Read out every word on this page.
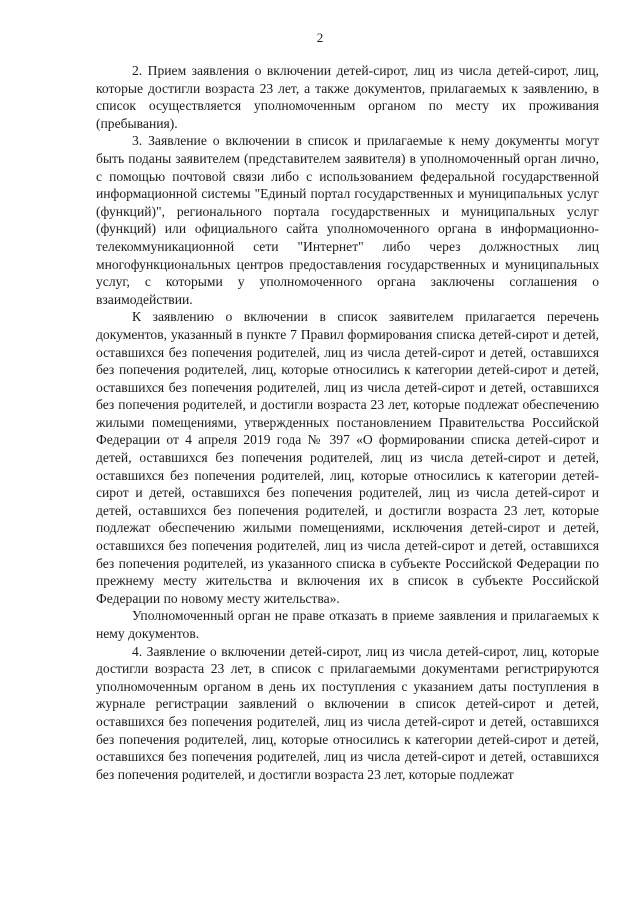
2

2. Прием заявления о включении детей-сирот, лиц из числа детей-сирот, лиц, которые достигли возраста 23 лет, а также документов, прилагаемых к заявлению, в список осуществляется уполномоченным органом по месту их проживания (пребывания).

3. Заявление о включении в список и прилагаемые к нему документы могут быть поданы заявителем (представителем заявителя) в уполномоченный орган лично, с помощью почтовой связи либо с использованием федеральной государственной информационной системы "Единый портал государственных и муниципальных услуг (функций)", регионального портала государственных и муниципальных услуг (функций) или официального сайта уполномоченного органа в информационно-телекоммуникационной сети "Интернет" либо через должностных лиц многофункциональных центров предоставления государственных и муниципальных услуг, с которыми у уполномоченного органа заключены соглашения о взаимодействии.

К заявлению о включении в список заявителем прилагается перечень документов, указанный в пункте 7 Правил формирования списка детей-сирот и детей, оставшихся без попечения родителей, лиц из числа детей-сирот и детей, оставшихся без попечения родителей, лиц, которые относились к категории детей-сирот и детей, оставшихся без попечения родителей, лиц из числа детей-сирот и детей, оставшихся без попечения родителей, и достигли возраста 23 лет, которые подлежат обеспечению жилыми помещениями, утвержденных постановлением Правительства Российской Федерации от 4 апреля 2019 года № 397 «О формировании списка детей-сирот и детей, оставшихся без попечения родителей, лиц из числа детей-сирот и детей, оставшихся без попечения родителей, лиц, которые относились к категории детей-сирот и детей, оставшихся без попечения родителей, лиц из числа детей-сирот и детей, оставшихся без попечения родителей, и достигли возраста 23 лет, которые подлежат обеспечению жилыми помещениями, исключения детей-сирот и детей, оставшихся без попечения родителей, лиц из числа детей-сирот и детей, оставшихся без попечения родителей, из указанного списка в субъекте Российской Федерации по прежнему месту жительства и включения их в список в субъекте Российской Федерации по новому месту жительства».

Уполномоченный орган не праве отказать в приеме заявления и прилагаемых к нему документов.

4. Заявление о включении детей-сирот, лиц из числа детей-сирот, лиц, которые достигли возраста 23 лет, в список с прилагаемыми документами регистрируются уполномоченным органом в день их поступления с указанием даты поступления в журнале регистрации заявлений о включении в список детей-сирот и детей, оставшихся без попечения родителей, лиц из числа детей-сирот и детей, оставшихся без попечения родителей, лиц, которые относились к категории детей-сирот и детей, оставшихся без попечения родителей, лиц из числа детей-сирот и детей, оставшихся без попечения родителей, и достигли возраста 23 лет, которые подлежат
